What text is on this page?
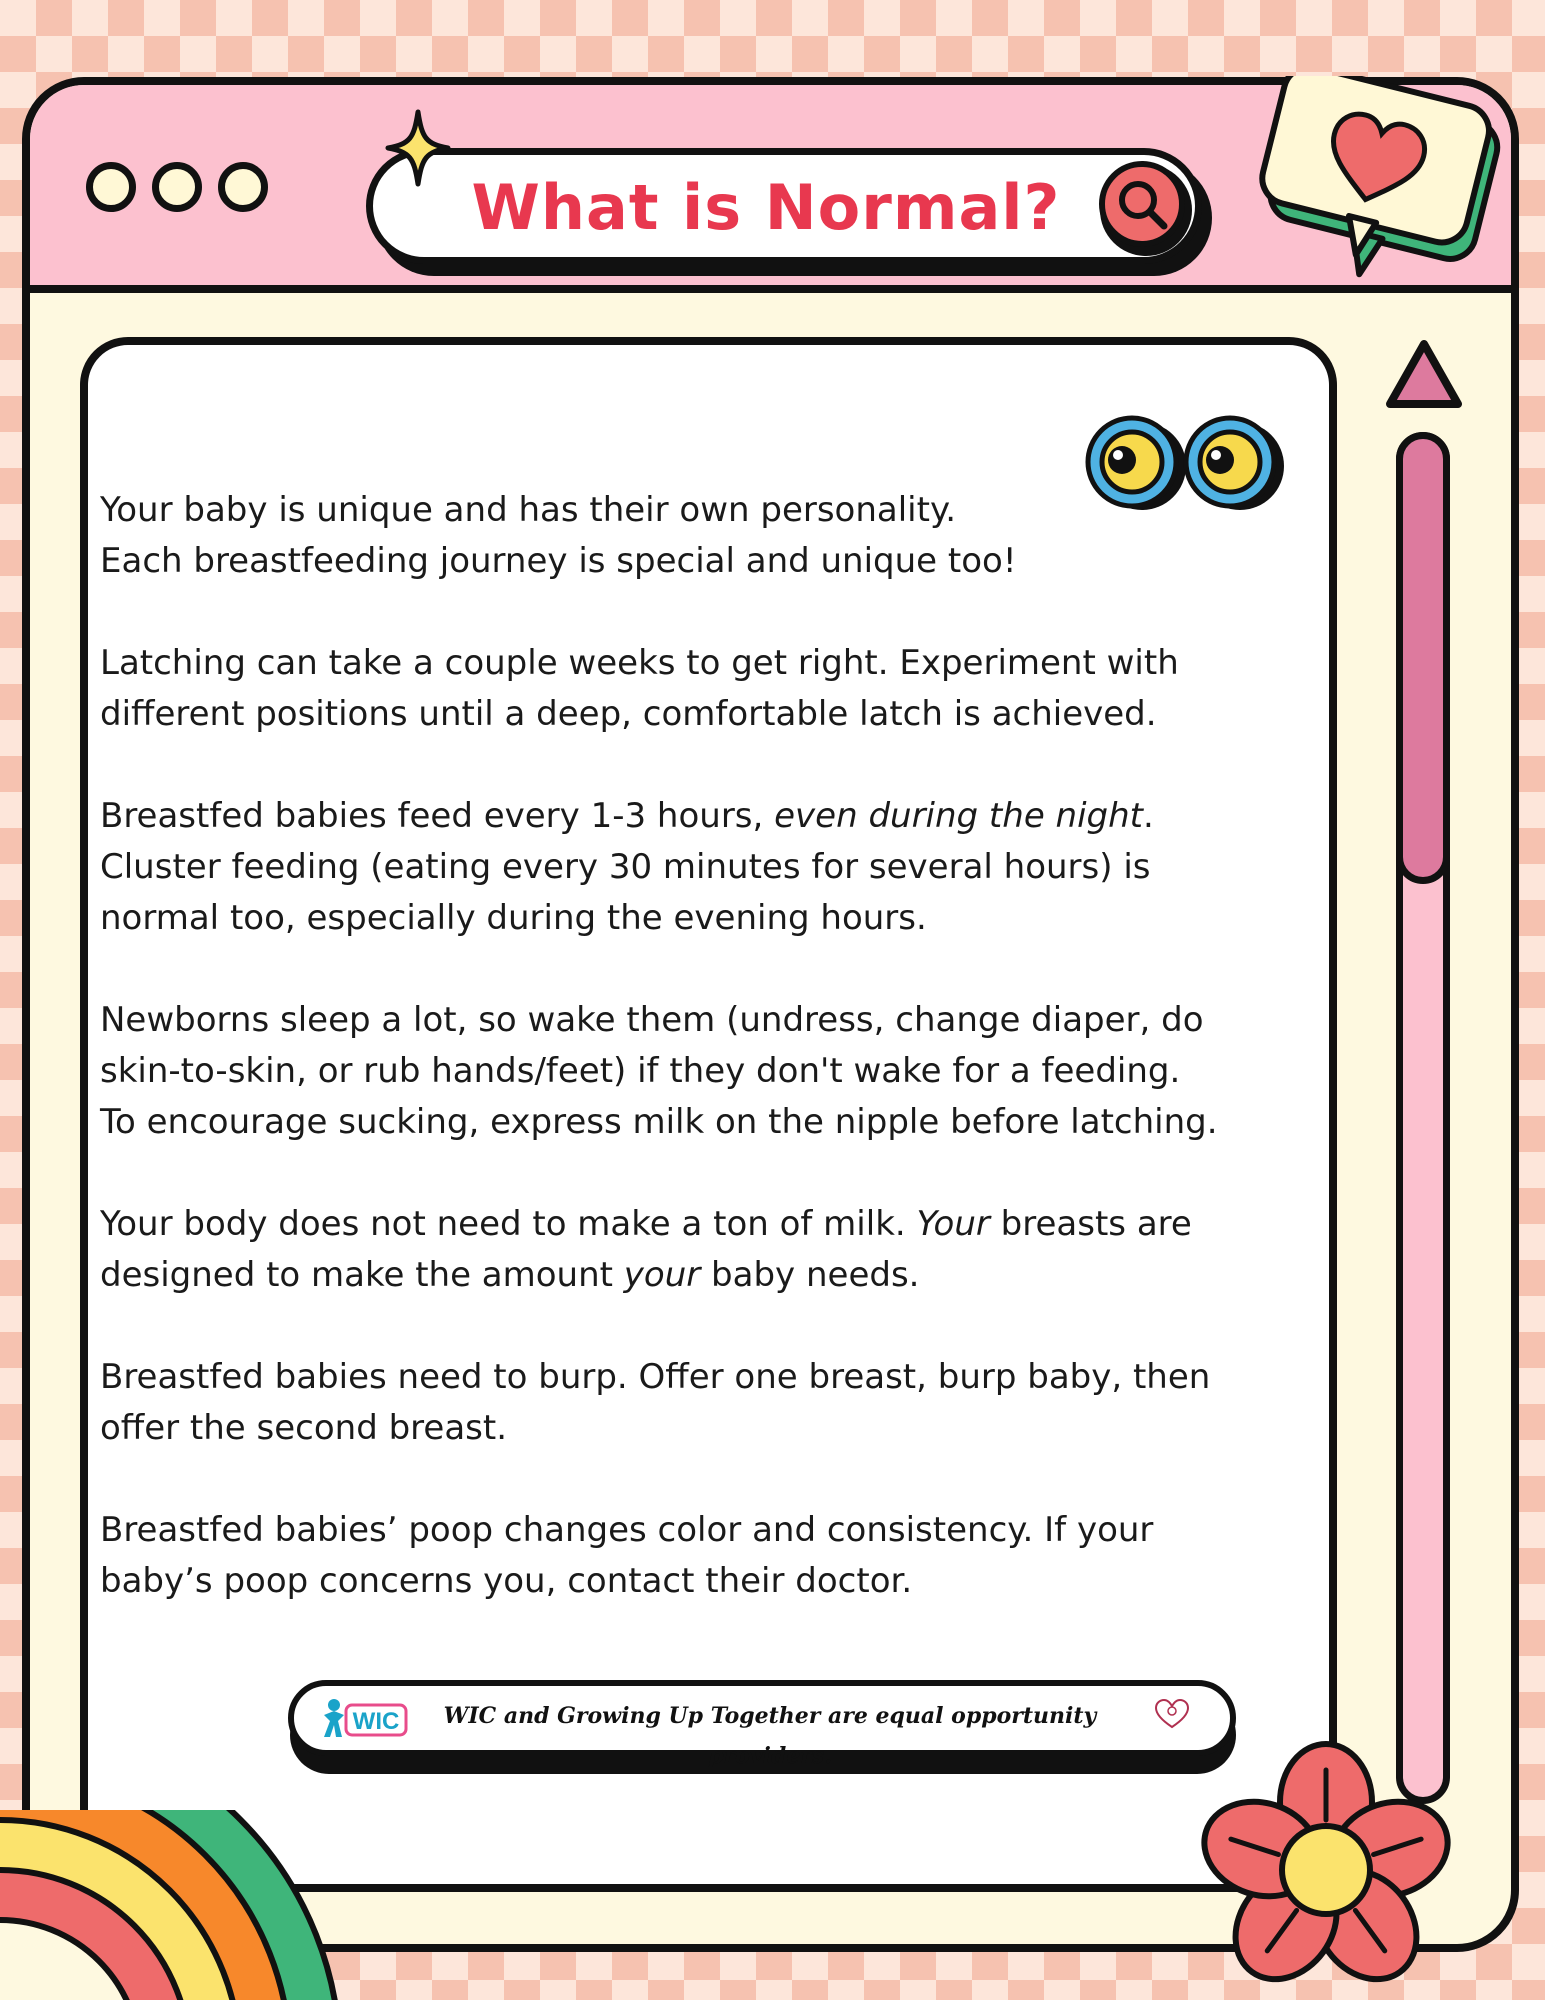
What is Normal?

Your baby is unique and has their own personality.
Each breastfeeding journey is special and unique too!

Latching can take a couple weeks to get right. Experiment with
different positions until a deep, comfortable latch is achieved.

Breastfed babies feed every 1-3 hours, even during the night.
Cluster feeding (eating every 30 minutes for several hours) is
normal too, especially during the evening hours.

Newborns sleep a lot, so wake them (undress, change diaper, do
skin-to-skin, or rub hands/feet) if they don't wake for a feeding.
To encourage sucking, express milk on the nipple before latching.

Your body does not need to make a ton of milk. Your breasts are
designed to make the amount your baby needs.

Breastfed babies need to burp. Offer one breast, burp baby, then
offer the second breast.

Breastfed babies’ poop changes color and consistency. If your
baby’s poop concerns you, contact their doctor.

WIC	WIC and Growing Up Together are equal opportunity providers.
